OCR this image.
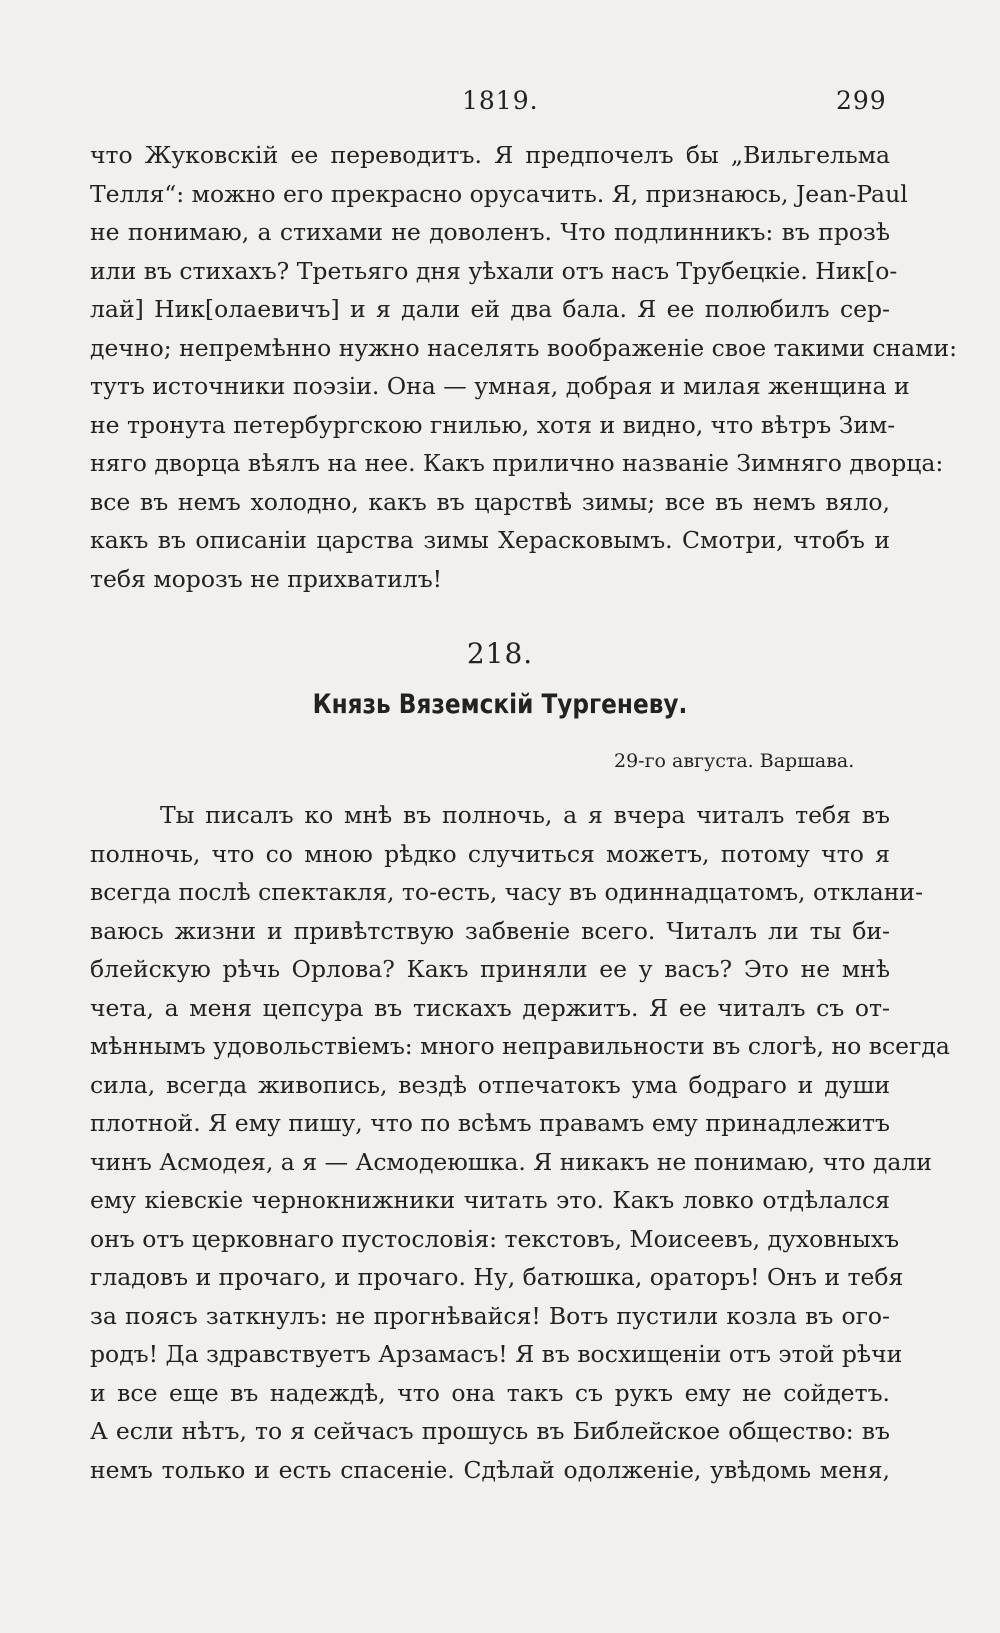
1819.	299
что Жуковскій ее переводитъ. Я предпочелъ бы „Вильгельма
Телля“: можно его прекрасно орусачить. Я, признаюсь, Jean-Paul
не понимаю, а стихами не доволенъ. Что подлинникъ: въ прозѣ
или въ стихахъ? Третьяго дня уѣхали отъ насъ Трубецкіе. Ник[о-
лай] Ник[олаевичъ] и я дали ей два бала. Я ее полюбилъ сер-
дечно; непремѣнно нужно населять воображеніе свое такими снами:
тутъ источники поэзіи. Она — умная, добрая и милая женщина и
не тронута петербургскою гнилью, хотя и видно, что вѣтръ Зим-
няго дворца вѣялъ на нее. Какъ прилично названіе Зимняго дворца:
все въ немъ холодно, какъ въ царствѣ зимы; все въ немъ вяло,
какъ въ описаніи царства зимы Херасковымъ. Смотри, чтобъ и
тебя морозъ не прихватилъ!
218.
Князь Вяземскій Тургеневу.
29-го августа. Варшава.
Ты писалъ ко мнѣ въ полночь, а я вчера читалъ тебя въ
полночь, что со мною рѣдко случиться можетъ, потому что я
всегда послѣ спектакля, то-есть, часу въ одиннадцатомъ, отклани-
ваюсь жизни и привѣтствую забвеніе всего. Читалъ ли ты би-
блейскую рѣчь Орлова? Какъ приняли ее у васъ? Это не мнѣ
чета, а меня цепсура въ тискахъ держитъ. Я ее читалъ съ от-
мѣннымъ удовольствіемъ: много неправильности въ слогѣ, но всегда
сила, всегда живопись, вездѣ отпечатокъ ума бодраго и души
плотной. Я ему пишу, что по всѣмъ правамъ ему принадлежитъ
чинъ Асмодея, а я — Асмодеюшка. Я никакъ не понимаю, что дали
ему кіевскіе чернокнижники читать это. Какъ ловко отдѣлался
онъ отъ церковнаго пустословія: текстовъ, Моисеевъ, духовныхъ
гладовъ и прочаго, и прочаго. Ну, батюшка, ораторъ! Онъ и тебя
за поясъ заткнулъ: не прогнѣвайся! Вотъ пустили козла въ ого-
родъ! Да здравствуетъ Арзамасъ! Я въ восхищеніи отъ этой рѣчи
и все еще въ надеждѣ, что она такъ съ рукъ ему не сойдетъ.
А если нѣтъ, то я сейчасъ прошусь въ Библейское общество: въ
немъ только и есть спасеніе. Сдѣлай одолженіе, увѣдомь меня,
